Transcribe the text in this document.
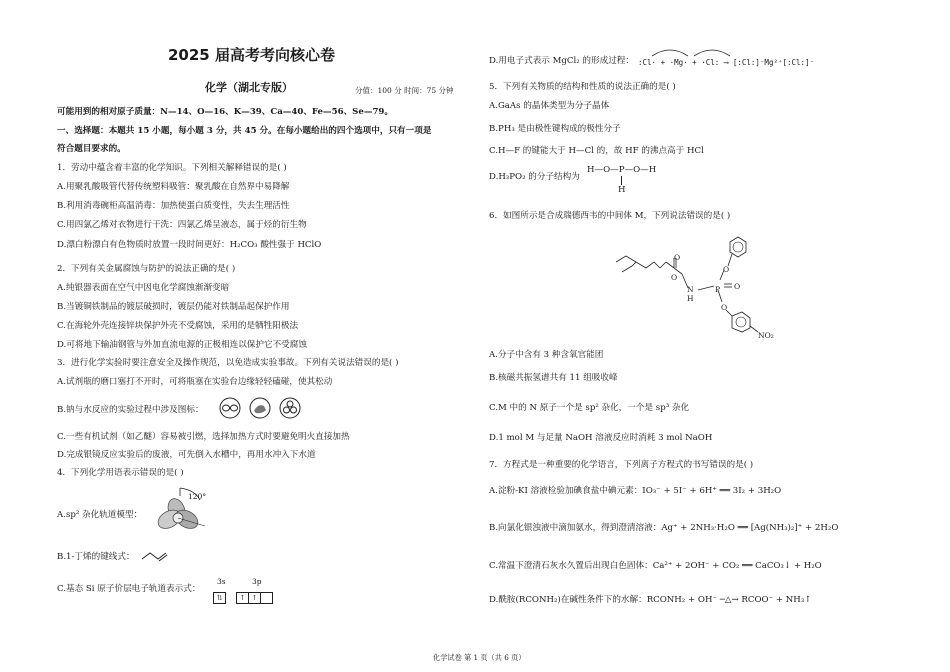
2025 届高考考向核心卷
化学（湖北专版）	分值：100 分 时间：75 分钟
可能用到的相对原子质量：N—14、O—16、K—39、Ca—40、Fe—56、Se—79。
一、选择题：本题共 15 小题，每小题 3 分，共 45 分。在每小题给出的四个选项中，只有一项是
符合题目要求的。
1．劳动中蕴含着丰富的化学知识。下列相关解释错误的是( )
A.用聚乳酸吸管代替传统塑料吸管：聚乳酸在自然界中易降解
B.利用消毒碗柜高温消毒：加热使蛋白质变性，失去生理活性
C.用四氯乙烯对衣物进行干洗：四氯乙烯呈液态，属于烃的衍生物
D.漂白粉漂白有色物质时放置一段时间更好：H₂CO₃ 酸性强于 HClO
2．下列有关金属腐蚀与防护的说法正确的是( )
A.纯银器表面在空气中因电化学腐蚀渐渐变暗
B.当镀铜铁制品的镀层破损时，镀层仍能对铁制品起保护作用
C.在海轮外壳连接锌块保护外壳不受腐蚀，采用的是牺牲阳极法
D.可将地下输油钢管与外加直流电源的正极相连以保护它不受腐蚀
3．进行化学实验时要注意安全及操作规范，以免造成实验事故。下列有关说法错误的是( )
A.试剂瓶的磨口塞打不开时，可将瓶塞在实验台边缘轻轻磕碰，使其松动
B.钠与水反应的实验过程中涉及图标：
C.一些有机试剂（如乙醚）容易被引燃，选择加热方式时要避免明火直接加热
D.完成银镜反应实验后的废液，可先倒入水槽中，再用水冲入下水道
4．下列化学用语表示错误的是( )
A.sp² 杂化轨道模型：
120°
B.1-丁烯的键线式：
C.基态 Si 原子价层电子轨道表示式：
3s	3p
⇅	↑ ↑
D.用电子式表示 MgCl₂ 的形成过程： :Cl· + ·Mg· + ·Cl: ⟶ [:Cl:]⁻Mg²⁺[:Cl:]⁻
5．下列有关物质的结构和性质的说法正确的是( )
A.GaAs 的晶体类型为分子晶体
B.PH₃ 是由极性键构成的极性分子
C.H—F 的键能大于 H—Cl 的，故 HF 的沸点高于 HCl
D.H₃PO₂ 的分子结构为
H—O—P—O—H
H
6．如图所示是合成瑞德西韦的中间体 M，下列说法错误的是( )
O
N
H
P O
O
O
O
NO₂
A.分子中含有 3 种含氧官能团
B.核磁共振氢谱共有 11 组吸收峰
C.M 中的 N 原子一个是 sp² 杂化，一个是 sp³ 杂化
D.1 mol M 与足量 NaOH 溶液反应时消耗 3 mol NaOH
7．方程式是一种重要的化学语言，下列离子方程式的书写错误的是( )
A.淀粉-KI 溶液检验加碘食盐中碘元素：IO₃⁻ + 5I⁻ + 6H⁺ ══ 3I₂ + 3H₂O
B.向氯化银浊液中滴加氨水，得到澄清溶液：Ag⁺ + 2NH₃·H₂O ══ [Ag(NH₃)₂]⁺ + 2H₂O
C.常温下澄清石灰水久置后出现白色固体：Ca²⁺ + 2OH⁻ + CO₂ ══ CaCO₃↓ + H₂O
D.酰胺(RCONH₂)在碱性条件下的水解：RCONH₂ + OH⁻ ─△→ RCOO⁻ + NH₃↑
化学试卷 第 1 页（共 6 页）
